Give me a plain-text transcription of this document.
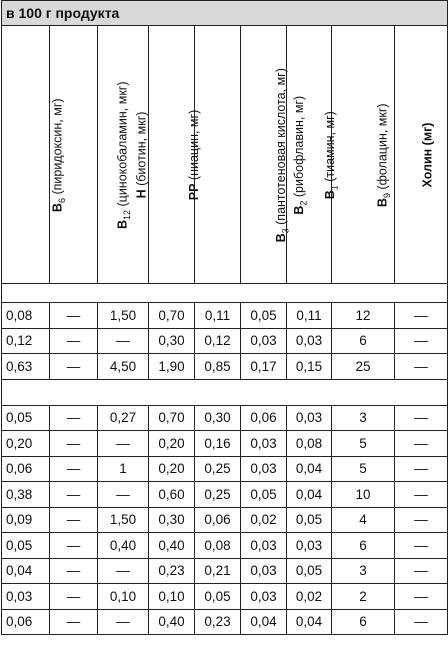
в 100 г продукта								
$B_6$ (пиридоксин, мг)	$B_{12}$ (цинокобаламин, мкг)	H (биотин, мкг)	PP (ниацин, мг)	$B_3$ (пантотеновая кислота, мг)	$B_2$ (рибофлавин, мг)	$B_1$ (тиамин, мг)	$B_9$ (фолацин, мкг)	Холин (мг)

0,08	—	1,50	0,70	0,11	0,05	0,11	12	—
0,12	—	—	0,30	0,12	0,03	0,03	6	—
0,63	—	4,50	1,90	0,85	0,17	0,15	25	—

0,05	—	0,27	0,70	0,30	0,06	0,03	3	—
0,20	—	—	0,20	0,16	0,03	0,08	5	—
0,06	—	1	0,20	0,25	0,03	0,04	5	—
0,38	—	—	0,60	0,25	0,05	0,04	10	—
0,09	—	1,50	0,30	0,06	0,02	0,05	4	—
0,05	—	0,40	0,40	0,08	0,03	0,03	6	—
0,04	—	—	0,23	0,21	0,03	0,05	3	—
0,03	—	0,10	0,10	0,05	0,03	0,02	2	—
0,06	—	—	0,40	0,23	0,04	0,04	6	—
